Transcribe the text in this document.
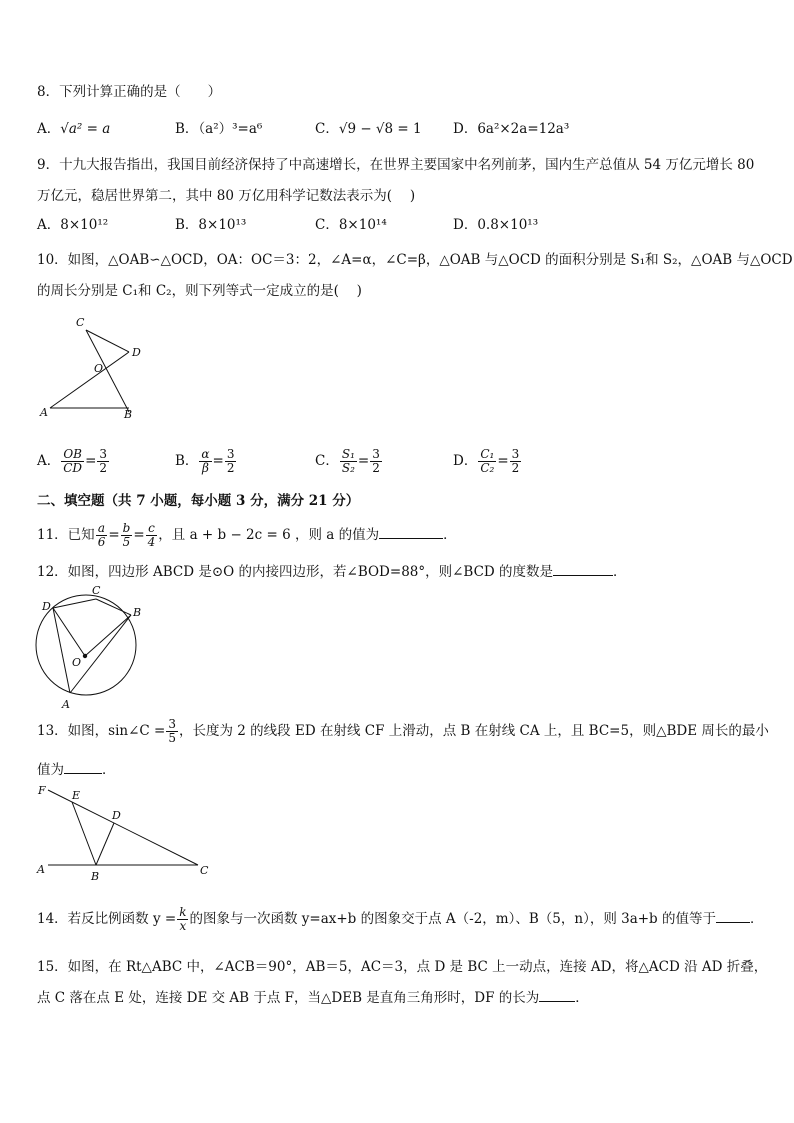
8．下列计算正确的是（　　）
A．√a² = a	B．（a²）³=a⁶	C．√9 − √8 = 1 D．6a²×2a=12a³
9．十九大报告指出，我国目前经济保持了中高速增长，在世界主要国家中名列前茅，国内生产总值从 54 万亿元增长 80
万亿元，稳居世界第二，其中 80 万亿用科学记数法表示为(　 )
A．8×10¹²	B．8×10¹³	C．8×10¹⁴	D．0.8×10¹³
10．如图，△OAB∽△OCD，OA：OC＝3：2，∠A=α，∠C=β，△OAB 与△OCD 的面积分别是 S₁和 S₂，△OAB 与△OCD
的周长分别是 C₁和 C₂，则下列等式一定成立的是(　 )
C
D
O
A	B
A． $\frac{OB}{CD} = \frac{3}{2}$	B． $\frac{\alpha}{\beta} = \frac{3}{2}$	C． $\frac{\text{S₁}}{\text{S₂}} = \frac{3}{2}$	D． $\frac{\text{C₁}}{\text{C₂}} = \frac{3}{2}$
二、填空题（共 7 小题，每小题 3 分，满分 21 分）
11．已知 $\frac{a}{6} = \frac{b}{5} = \frac{c}{4}$ ，且 a + b − 2c = 6 ，则 a 的值为	．
12．如图，四边形 ABCD 是⊙O 的内接四边形，若∠BOD=88°，则∠BCD 的度数是	．
D
C
B
O
A
13．如图，sin∠C = $\frac{3}{5}$ ，长度为 2 的线段 ED 在射线 CF 上滑动，点 B 在射线 CA 上，且 BC=5，则△BDE 周长的最小
值为	．
F E
D
A
B	C
14．若反比例函数 $y = \frac{k}{x}$ 的图象与一次函数 y=ax+b 的图象交于点 A（-2，m）、B（5，n），则 3a+b 的值等于	．
15．如图，在 Rt△ABC 中，∠ACB＝90°，AB＝5，AC＝3，点 D 是 BC 上一动点，连接 AD，将△ACD 沿 AD 折叠，
点 C 落在点 E 处，连接 DE 交 AB 于点 F，当△DEB 是直角三角形时，DF 的长为	．
